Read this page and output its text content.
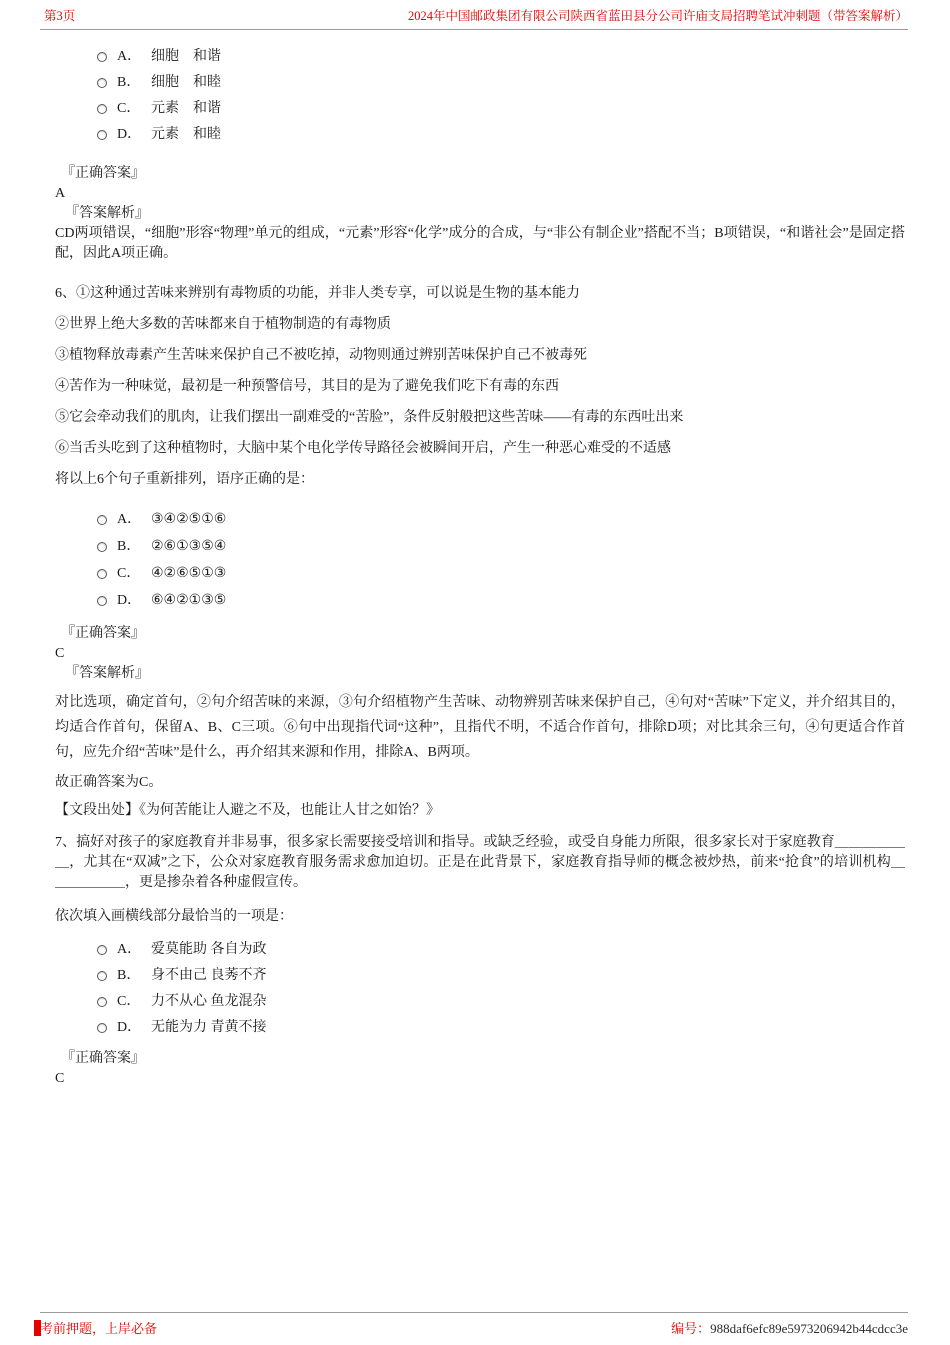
第3页	2024年中国邮政集团有限公司陕西省蓝田县分公司许庙支局招聘笔试冲刺题（带答案解析）
A． 细胞　和谐
B． 细胞　和睦
C． 元素　和谐
D． 元素　和睦
『正确答案』
A
『答案解析』

CD两项错误，“细胞”形容“物理”单元的组成，“元素”形容“化学”成分的合成，与“非公有制企业”搭配不当；B项错误，“和谐社会”是固定搭配，因此A项正确。

6、①这种通过苦味来辨别有毒物质的功能，并非人类专享，可以说是生物的基本能力

②世界上绝大多数的苦味都来自于植物制造的有毒物质

③植物释放毒素产生苦味来保护自己不被吃掉，动物则通过辨别苦味保护自己不被毒死

④苦作为一种味觉，最初是一种预警信号，其目的是为了避免我们吃下有毒的东西

⑤它会牵动我们的肌肉，让我们摆出一副难受的“苦脸”，条件反射般把这些苦味——有毒的东西吐出来

⑥当舌头吃到了这种植物时，大脑中某个电化学传导路径会被瞬间开启，产生一种恶心难受的不适感

将以上6个句子重新排列，语序正确的是：

A． ③④②⑤①⑥
B． ②⑥①③⑤④
C． ④②⑥⑤①③
D． ⑥④②①③⑤
『正确答案』
C
『答案解析』

对比选项，确定首句，②句介绍苦味的来源，③句介绍植物产生苦味、动物辨别苦味来保护自己，④句对“苦味”下定义，并介绍其目的，均适合作首句，保留A、B、C三项。⑥句中出现指代词“这种”，且指代不明，不适合作首句，排除D项；对比其余三句，④句更适合作首句，应先介绍“苦味”是什么，再介绍其来源和作用，排除A、B两项。

故正确答案为C。

【文段出处】《为何苦能让人避之不及，也能让人甘之如饴？》

7、搞好对孩子的家庭教育并非易事，很多家长需要接受培训和指导。或缺乏经验，或受自身能力所限，很多家长对于家庭教育＿＿＿＿＿＿，尤其在“双减”之下，公众对家庭教育服务需求愈加迫切。正是在此背景下，家庭教育指导师的概念被炒热，前来“抢食”的培训机构＿＿＿＿＿＿，更是掺杂着各种虚假宣传。

依次填入画横线部分最恰当的一项是：

A． 爱莫能助 各自为政
B． 身不由己 良莠不齐
C． 力不从心 鱼龙混杂
D． 无能为力 青黄不接
『正确答案』
C
考前押题，上岸必备	编号：988daf6efc89e5973206942b44cdcc3e
